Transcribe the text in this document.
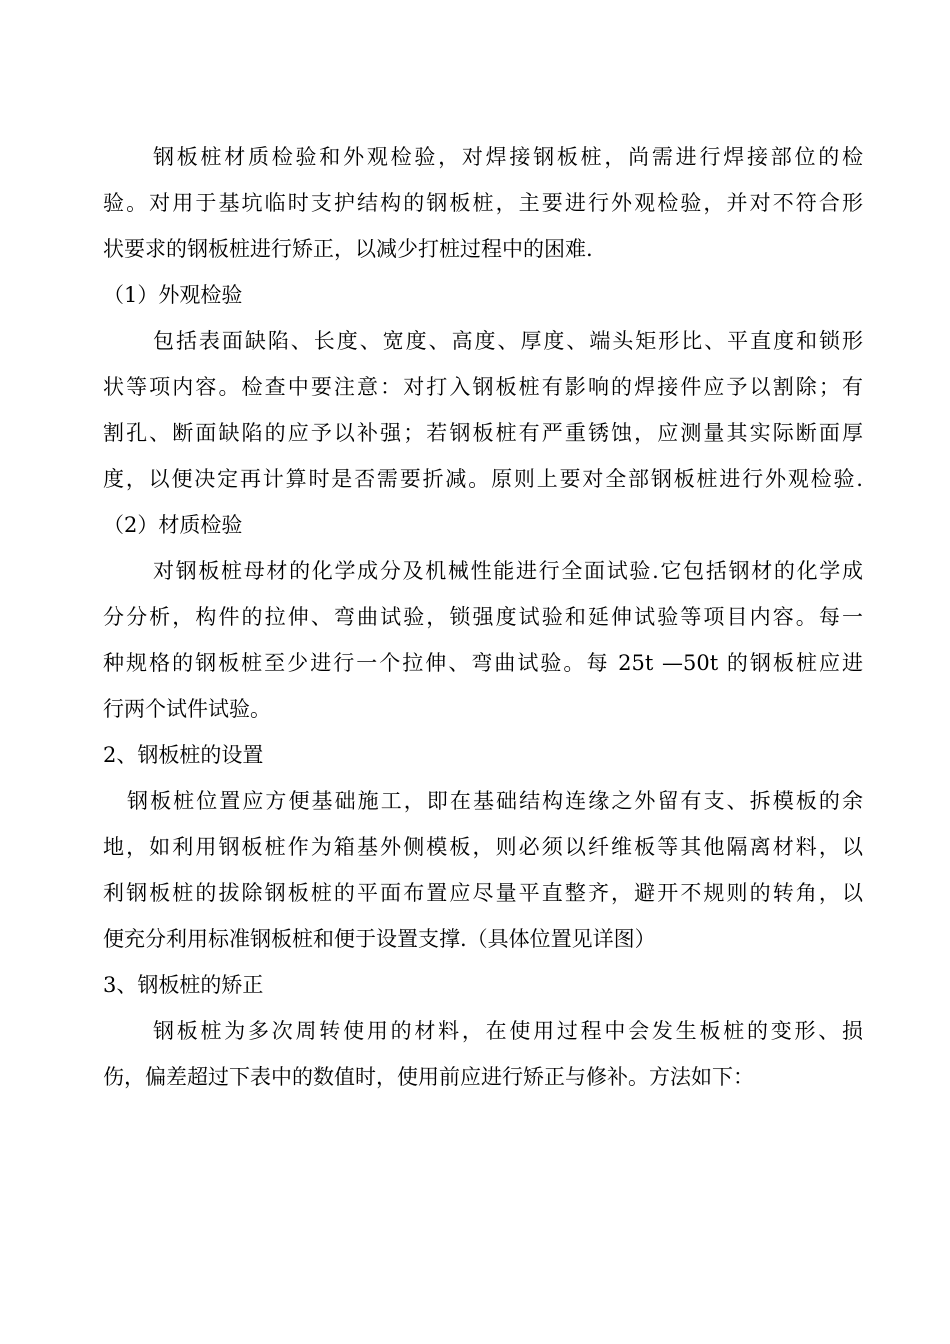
钢板桩材质检验和外观检验，对焊接钢板桩，尚需进行焊接部位的检
验。对用于基坑临时支护结构的钢板桩，主要进行外观检验，并对不符合形
状要求的钢板桩进行矫正，以减少打桩过程中的困难.
（1）外观检验
包括表面缺陷、长度、宽度、高度、厚度、端头矩形比、平直度和锁形
状等项内容。检查中要注意：对打入钢板桩有影响的焊接件应予以割除；有
割孔、断面缺陷的应予以补强；若钢板桩有严重锈蚀，应测量其实际断面厚
度，以便决定再计算时是否需要折减。原则上要对全部钢板桩进行外观检验.
（2）材质检验
对钢板桩母材的化学成分及机械性能进行全面试验.它包括钢材的化学成
分分析，构件的拉伸、弯曲试验，锁强度试验和延伸试验等项目内容。每一
种规格的钢板桩至少进行一个拉伸、弯曲试验。每 25t —50t 的钢板桩应进
行两个试件试验。
2、钢板桩的设置
钢板桩位置应方便基础施工，即在基础结构连缘之外留有支、拆模板的余
地，如利用钢板桩作为箱基外侧模板，则必须以纤维板等其他隔离材料，以
利钢板桩的拔除钢板桩的平面布置应尽量平直整齐，避开不规则的转角，以
便充分利用标准钢板桩和便于设置支撑.（具体位置见详图）
3、钢板桩的矫正
钢板桩为多次周转使用的材料，在使用过程中会发生板桩的变形、损
伤，偏差超过下表中的数值时，使用前应进行矫正与修补。方法如下：
